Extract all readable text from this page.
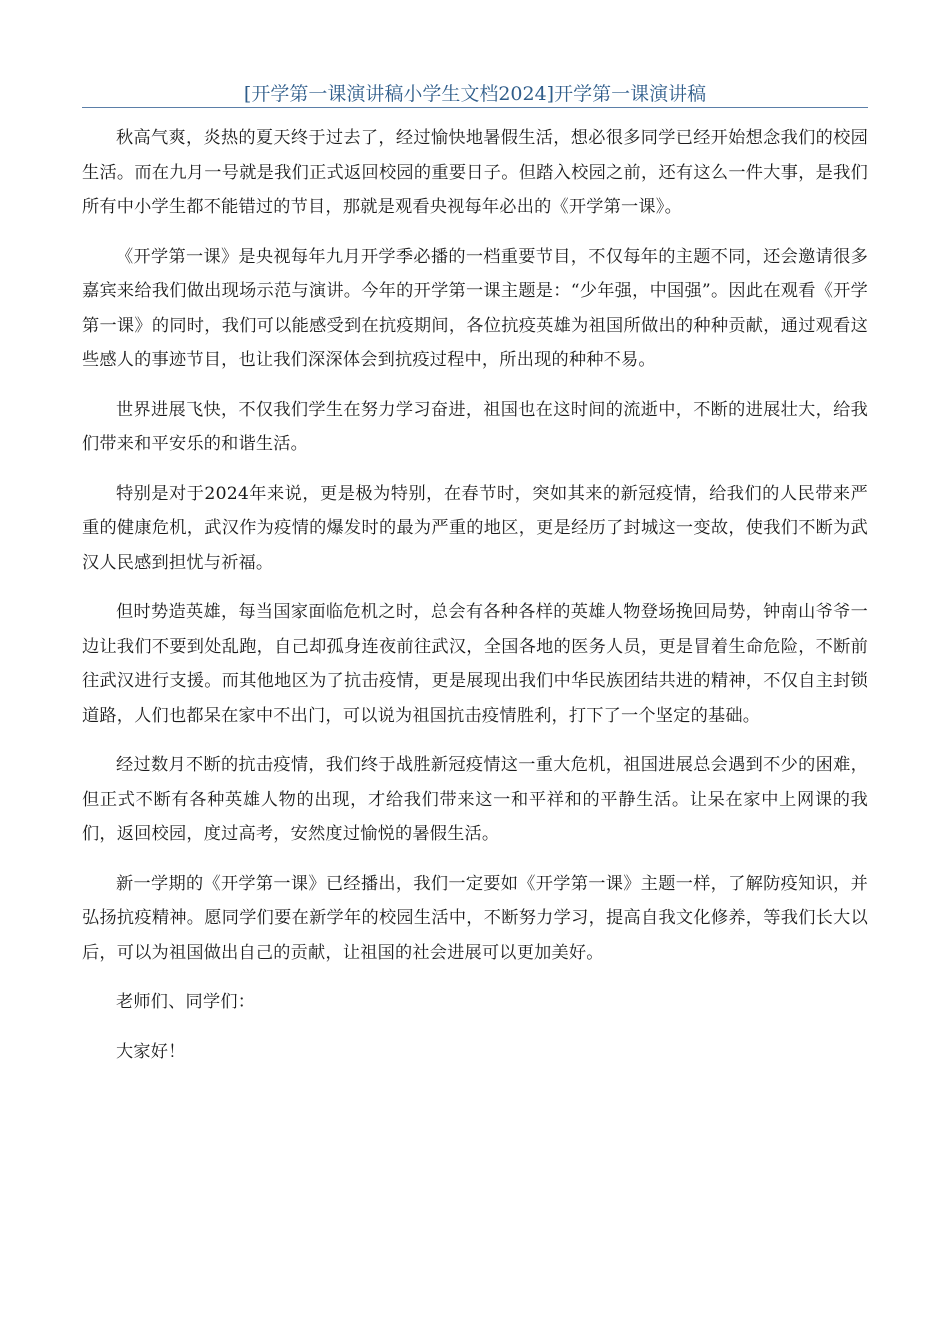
[开学第一课演讲稿小学生文档2024]开学第一课演讲稿

秋高气爽，炎热的夏天终于过去了，经过愉快地暑假生活，想必很多同学已经开始想念我们的校园生活。而在九月一号就是我们正式返回校园的重要日子。但踏入校园之前，还有这么一件大事，是我们所有中小学生都不能错过的节目，那就是观看央视每年必出的《开学第一课》。

《开学第一课》是央视每年九月开学季必播的一档重要节目，不仅每年的主题不同，还会邀请很多嘉宾来给我们做出现场示范与演讲。今年的开学第一课主题是：“少年强，中国强”。因此在观看《开学第一课》的同时，我们可以能感受到在抗疫期间，各位抗疫英雄为祖国所做出的种种贡献，通过观看这些感人的事迹节目，也让我们深深体会到抗疫过程中，所出现的种种不易。

世界进展飞快，不仅我们学生在努力学习奋进，祖国也在这时间的流逝中，不断的进展壮大，给我们带来和平安乐的和谐生活。

特别是对于2024年来说，更是极为特别，在春节时，突如其来的新冠疫情，给我们的人民带来严重的健康危机，武汉作为疫情的爆发时的最为严重的地区，更是经历了封城这一变故，使我们不断为武汉人民感到担忧与祈福。

但时势造英雄，每当国家面临危机之时，总会有各种各样的英雄人物登场挽回局势，钟南山爷爷一边让我们不要到处乱跑，自己却孤身连夜前往武汉，全国各地的医务人员，更是冒着生命危险，不断前往武汉进行支援。而其他地区为了抗击疫情，更是展现出我们中华民族团结共进的精神，不仅自主封锁道路，人们也都呆在家中不出门，可以说为祖国抗击疫情胜利，打下了一个坚定的基础。

经过数月不断的抗击疫情，我们终于战胜新冠疫情这一重大危机，祖国进展总会遇到不少的困难，但正式不断有各种英雄人物的出现，才给我们带来这一和平祥和的平静生活。让呆在家中上网课的我们，返回校园，度过高考，安然度过愉悦的暑假生活。

新一学期的《开学第一课》已经播出，我们一定要如《开学第一课》主题一样，了解防疫知识，并弘扬抗疫精神。愿同学们要在新学年的校园生活中，不断努力学习，提高自我文化修养，等我们长大以后，可以为祖国做出自己的贡献，让祖国的社会进展可以更加美好。

老师们、同学们：

大家好！
